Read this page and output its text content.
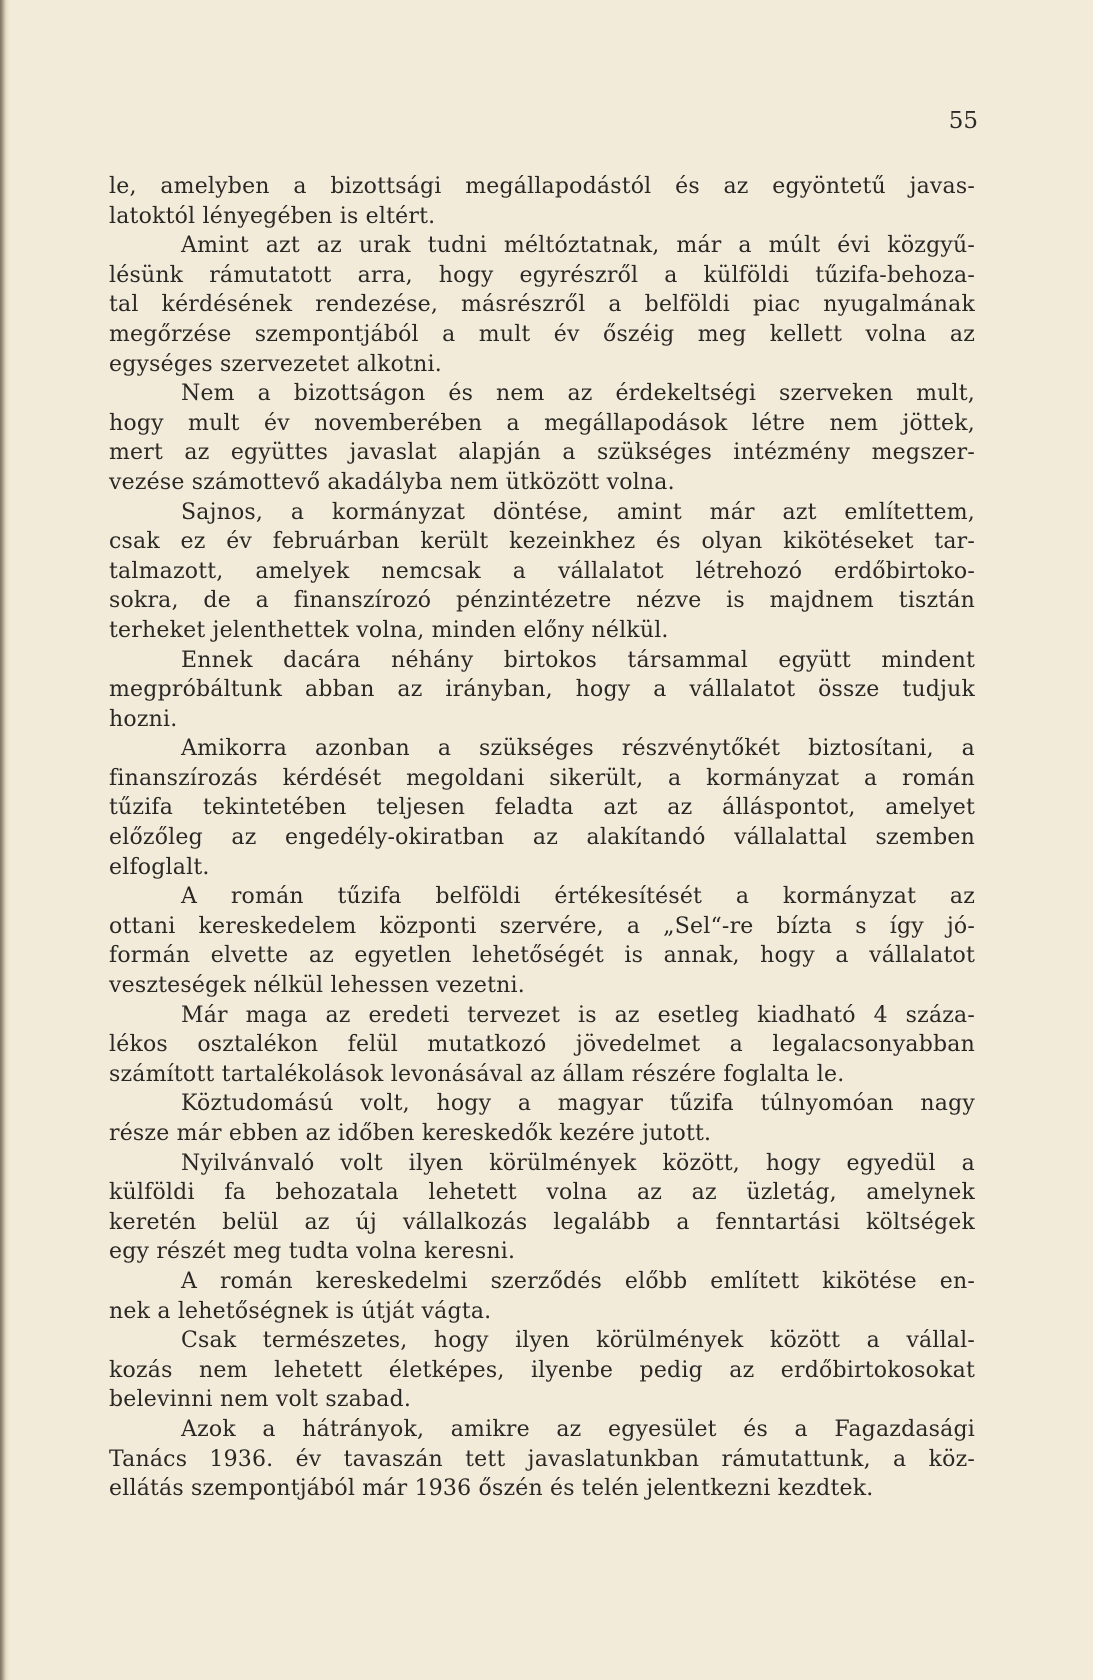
55
le, amelyben a bizottsági megállapodástól és az egyöntetű javas-
latoktól lényegében is eltért.
Amint azt az urak tudni méltóztatnak, már a múlt évi közgyű-
lésünk rámutatott arra, hogy egyrészről a külföldi tűzifa-behoza-
tal kérdésének rendezése, másrészről a belföldi piac nyugalmának
megőrzése szempontjából a mult év őszéig meg kellett volna az
egységes szervezetet alkotni.
Nem a bizottságon és nem az érdekeltségi szerveken mult,
hogy mult év novemberében a megállapodások létre nem jöttek,
mert az együttes javaslat alapján a szükséges intézmény megszer-
vezése számottevő akadályba nem ütközött volna.
Sajnos, a kormányzat döntése, amint már azt említettem,
csak ez év februárban került kezeinkhez és olyan kikötéseket tar-
talmazott, amelyek nemcsak a vállalatot létrehozó erdőbirtoko-
sokra, de a finanszírozó pénzintézetre nézve is majdnem tisztán
terheket jelenthettek volna, minden előny nélkül.
Ennek dacára néhány birtokos társammal együtt mindent
megpróbáltunk abban az irányban, hogy a vállalatot össze tudjuk
hozni.
Amikorra azonban a szükséges részvénytőkét biztosítani, a
finanszírozás kérdését megoldani sikerült, a kormányzat a román
tűzifa tekintetében teljesen feladta azt az álláspontot, amelyet
előzőleg az engedély-okiratban az alakítandó vállalattal szemben
elfoglalt.
A román tűzifa belföldi értékesítését a kormányzat az
ottani kereskedelem központi szervére, a „Sel“-re bízta s így jó-
formán elvette az egyetlen lehetőségét is annak, hogy a vállalatot
veszteségek nélkül lehessen vezetni.
Már maga az eredeti tervezet is az esetleg kiadható 4 száza-
lékos osztalékon felül mutatkozó jövedelmet a legalacsonyabban
számított tartalékolások levonásával az állam részére foglalta le.
Köztudomású volt, hogy a magyar tűzifa túlnyomóan nagy
része már ebben az időben kereskedők kezére jutott.
Nyilvánvaló volt ilyen körülmények között, hogy egyedül a
külföldi fa behozatala lehetett volna az az üzletág, amelynek
keretén belül az új vállalkozás legalább a fenntartási költségek
egy részét meg tudta volna keresni.
A román kereskedelmi szerződés előbb említett kikötése en-
nek a lehetőségnek is útját vágta.
Csak természetes, hogy ilyen körülmények között a vállal-
kozás nem lehetett életképes, ilyenbe pedig az erdőbirtokosokat
belevinni nem volt szabad.
Azok a hátrányok, amikre az egyesület és a Fagazdasági
Tanács 1936. év tavaszán tett javaslatunkban rámutattunk, a köz-
ellátás szempontjából már 1936 őszén és telén jelentkezni kezdtek.
